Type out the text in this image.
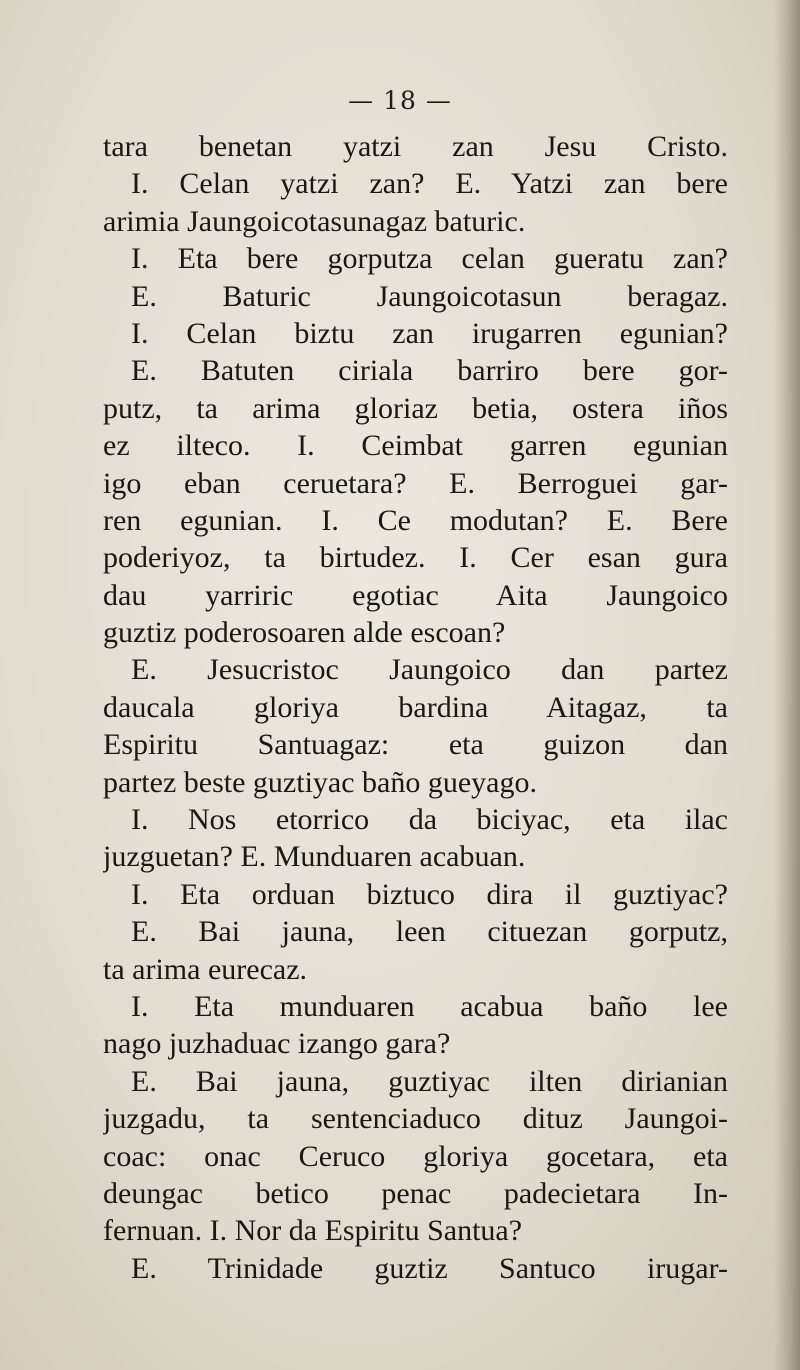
— 18 —
tara benetan yatzi zan Jesu Cristo.
I. Celan yatzi zan? E. Yatzi zan bere
arimia Jaungoicotasunagaz baturic.
I. Eta bere gorputza celan gueratu zan?
E. Baturic Jaungoicotasun beragaz.
I. Celan biztu zan irugarren egunian?
E. Batuten ciriala barriro bere gor-
putz, ta arima gloriaz betia, ostera iños
ez ilteco. I. Ceimbat garren egunian
igo eban ceruetara? E. Berroguei gar-
ren egunian. I. Ce modutan? E. Bere
poderiyoz, ta birtudez. I. Cer esan gura
dau yarriric egotiac Aita Jaungoico
guztiz poderosoaren alde escoan?
E. Jesucristoc Jaungoico dan partez
daucala gloriya bardina Aitagaz, ta
Espiritu Santuagaz: eta guizon dan
partez beste guztiyac baño gueyago.
I. Nos etorrico da biciyac, eta ilac
juzguetan? E. Munduaren acabuan.
I. Eta orduan biztuco dira il guztiyac?
E. Bai jauna, leen cituezan gorputz,
ta arima eurecaz.
I. Eta munduaren acabua baño lee
nago juzhaduac izango gara?
E. Bai jauna, guztiyac ilten dirianian
juzgadu, ta sentenciaduco dituz Jaungoi-
coac: onac Ceruco gloriya gocetara, eta
deungac betico penac padecietara In-
fernuan. I. Nor da Espiritu Santua?
E. Trinidade guztiz Santuco irugar-
